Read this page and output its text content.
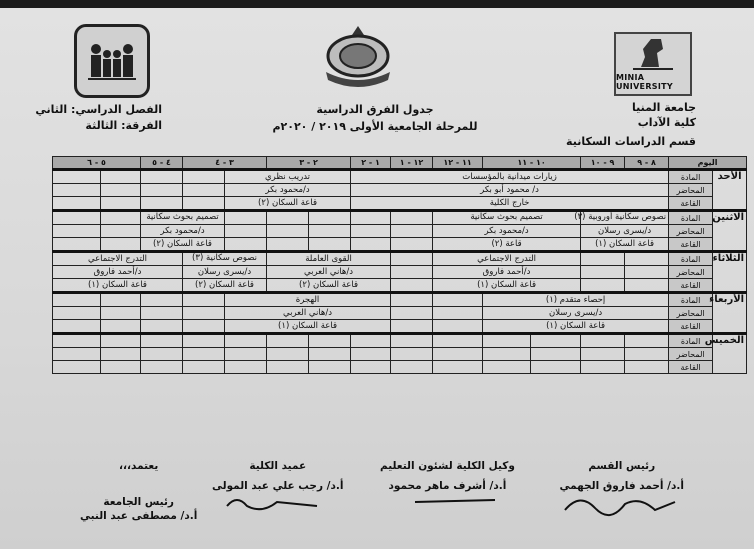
MINIA UNIVERSITY
جامعة المنيا
كلية الآداب
قسم الدراسات السكانية
جدول الفرق الدراسية
للمرحلة الجامعية الأولى ٢٠١٩ / ٢٠٢٠م
الفصل الدراسي: الثاني
الفرقة: الثالثة
اليوم		٨ - ٩	٩ - ١٠	١٠ - ١١		١١ - ١٢	١٢ - ١	١ - ٢	٢ - ٣		٣ - ٤		٤ - ٥	٥ - ٦	
الأحد	المادة	زيارات ميدانية بالمؤسسات							تدريب نظري						
	المحاضر	د/ محمود أبو بكر							د/محمود بكر						
	القاعة	خارج الكلية							قاعة السكان (٢)						
الاثنين	المادة	نصوص سكانية أوروبية (٣)		تصميم بحوث سكانية								تصميم بحوث سكانية			
	المحاضر	د/يسرى رسلان		د/محمود بكر								د/محمود بكر			
	القاعة	قاعة السكان (١)		قاعة (٢)								قاعة السكان (٢)			
الثلاثاء	المادة			التدرج الاجتماعي				القوى العاملة			نصوص سكانية (٣)		التدرج الاجتماعي		
	المحاضر			د/أحمد فاروق				د/هاني العربي			د/يسرى رسلان		د/أحمد فاروق		
	القاعة			قاعة السكان (١)				قاعة السكان (٢)			قاعة السكان (٢)		قاعة السكان (١)		
الأربعاء	المادة	إحصاء متقدم (١)						الهجرة							
	المحاضر	د/يسرى رسلان						د/هاني العربي							
	القاعة	قاعة السكان (١)						قاعة السكان (١)							
الخميس	المادة														
	المحاضر														
	القاعة														
رئيس القسم
أ.د/ أحمد فاروق الجهمي
وكيل الكلية لشئون التعليم
أ.د/ أشرف ماهر محمود
عميد الكلية
أ.د/ رجب علي عبد المولى
يعتمد،،،
رئيس الجامعة
أ.د/ مصطفى عبد النبي
